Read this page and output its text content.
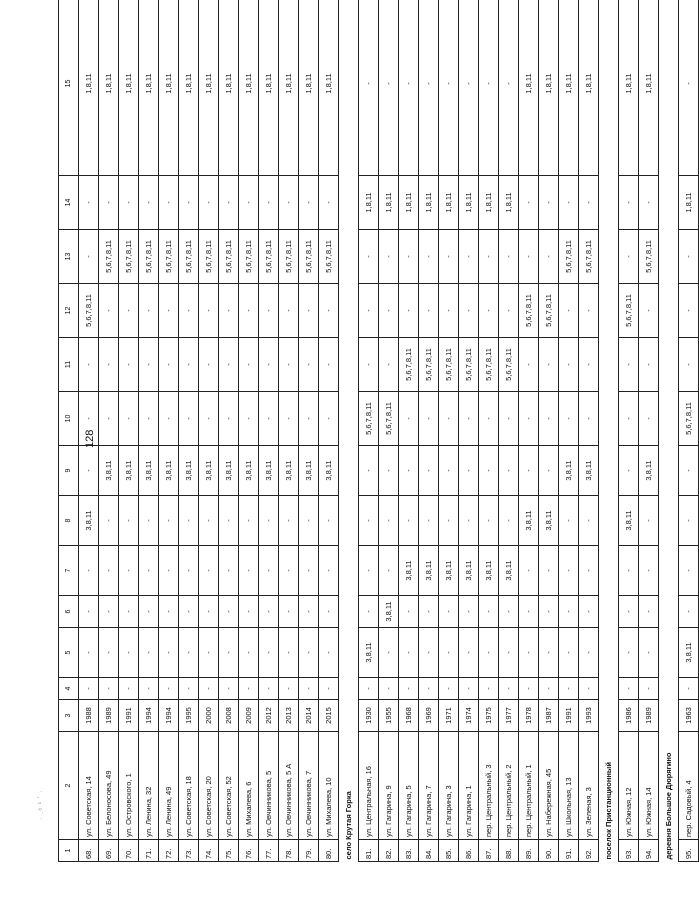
1	2	3	4	5	6	7	8	9	10	11	12	13	14	15
68.	ул. Советская, 14	1988	-	-	-	-	3,8,11	-	-	-	5,6,7,8,11	-	-	1,8,11
69.	ул. Белоносова, 49	1989	-	-	-	-	-	3,8,11	-	-	-	5,6,7,8,11	-	1,8,11
70.	ул. Островского, 1	1991	-	-	-	-	-	3,8,11	-	-	-	5,6,7,8,11	-	1,8,11
71.	ул. Ленина, 32	1994	-	-	-	-	-	3,8,11	-	-	-	5,6,7,8,11	-	1,8,11
72.	ул. Ленина, 49	1994	-	-	-	-	-	3,8,11	-	-	-	5,6,7,8,11	-	1,8,11
73.	ул. Советская, 18	1995	-	-	-	-	-	3,8,11	-	-	-	5,6,7,8,11	-	1,8,11
74.	ул. Советская, 20	2000	-	-	-	-	-	3,8,11	-	-	-	5,6,7,8,11	-	1,8,11
75.	ул. Советская, 52	2008	-	-	-	-	-	3,8,11	-	-	-	5,6,7,8,11	-	1,8,11
76.	ул. Михалева, 6	2009	-	-	-	-	-	3,8,11	-	-	-	5,6,7,8,11	-	1,8,11
77.	ул. Овчинникова, 5	2012	-	-	-	-	-	3,8,11	-	-	-	5,6,7,8,11	-	1,8,11
78.	ул. Овчинникова, 5 А	2013	-	-	-	-	-	3,8,11	-	-	-	5,6,7,8,11	-	1,8,11
79.	ул. Овчинникова, 7	2014	-	-	-	-	-	3,8,11	-	-	-	5,6,7,8,11	-	1,8,11
80.	ул. Михалева, 10	2015	-	-	-	-	-	3,8,11	-	-	-	5,6,7,8,11	-	1,8,11
село Крутая Горка														
81.	ул. Центральная, 16	1930	-	3,8,11	-	-	-	-	5,6,7,8,11	-	-	-	1,8,11	-
82.	ул. Гагарина, 9	1955	-	-	3,8,11	-	-	-	5,6,7,8,11	-	-	-	1,8,11	-
83.	ул. Гагарина, 5	1968	-	-	-	3,8,11	-	-	-	5,6,7,8,11	-	-	1,8,11	-
84.	ул. Гагарина, 7	1969	-	-	-	3,8,11	-	-	-	5,6,7,8,11	-	-	1,8,11	-
85.	ул. Гагарина, 3	1971	-	-	-	3,8,11	-	-	-	5,6,7,8,11	-	-	1,8,11	-
86.	ул. Гагарина, 1	1974	-	-	-	3,8,11	-	-	-	5,6,7,8,11	-	-	1,8,11	-
87.	пер. Центральный, 3	1975	-	-	-	3,8,11	-	-	-	5,6,7,8,11	-	-	1,8,11	-
88.	пер. Центральный, 2	1977	-	-	-	3,8,11	-	-	-	5,6,7,8,11	-	-	1,8,11	-
89.	пер. Центральный, 1	1978	-	-	-	-	3,8,11	-	-	-	5,6,7,8,11	-	-	1,8,11
90.	ул. Набережная, 45	1987	-	-	-	-	3,8,11	-	-	-	5,6,7,8,11	-	-	1,8,11
91.	ул. Школьная, 13	1991	-	-	-	-	-	3,8,11	-	-	-	5,6,7,8,11	-	1,8,11
92.	ул. Зеленая, 3	1993	-	-	-	-	-	3,8,11	-	-	-	5,6,7,8,11	-	1,8,11
поселок Пристанционный														
93.	ул. Южная, 12	1986	-	-	-	-	3,8,11	-	-	-	5,6,7,8,11	-	-	1,8,11
94.	ул. Южная, 14	1989	-	-	-	-	-	3,8,11	-	-	-	5,6,7,8,11	-	1,8,11
деревня Большое Дюрягино														
95.	пер. Садовый, 4	1963	-	3,8,11	-	-	-	-	5,6,7,8,11	-	-	-	1,8,11	-
128
· .ᵃ ¹ ʼ ·
